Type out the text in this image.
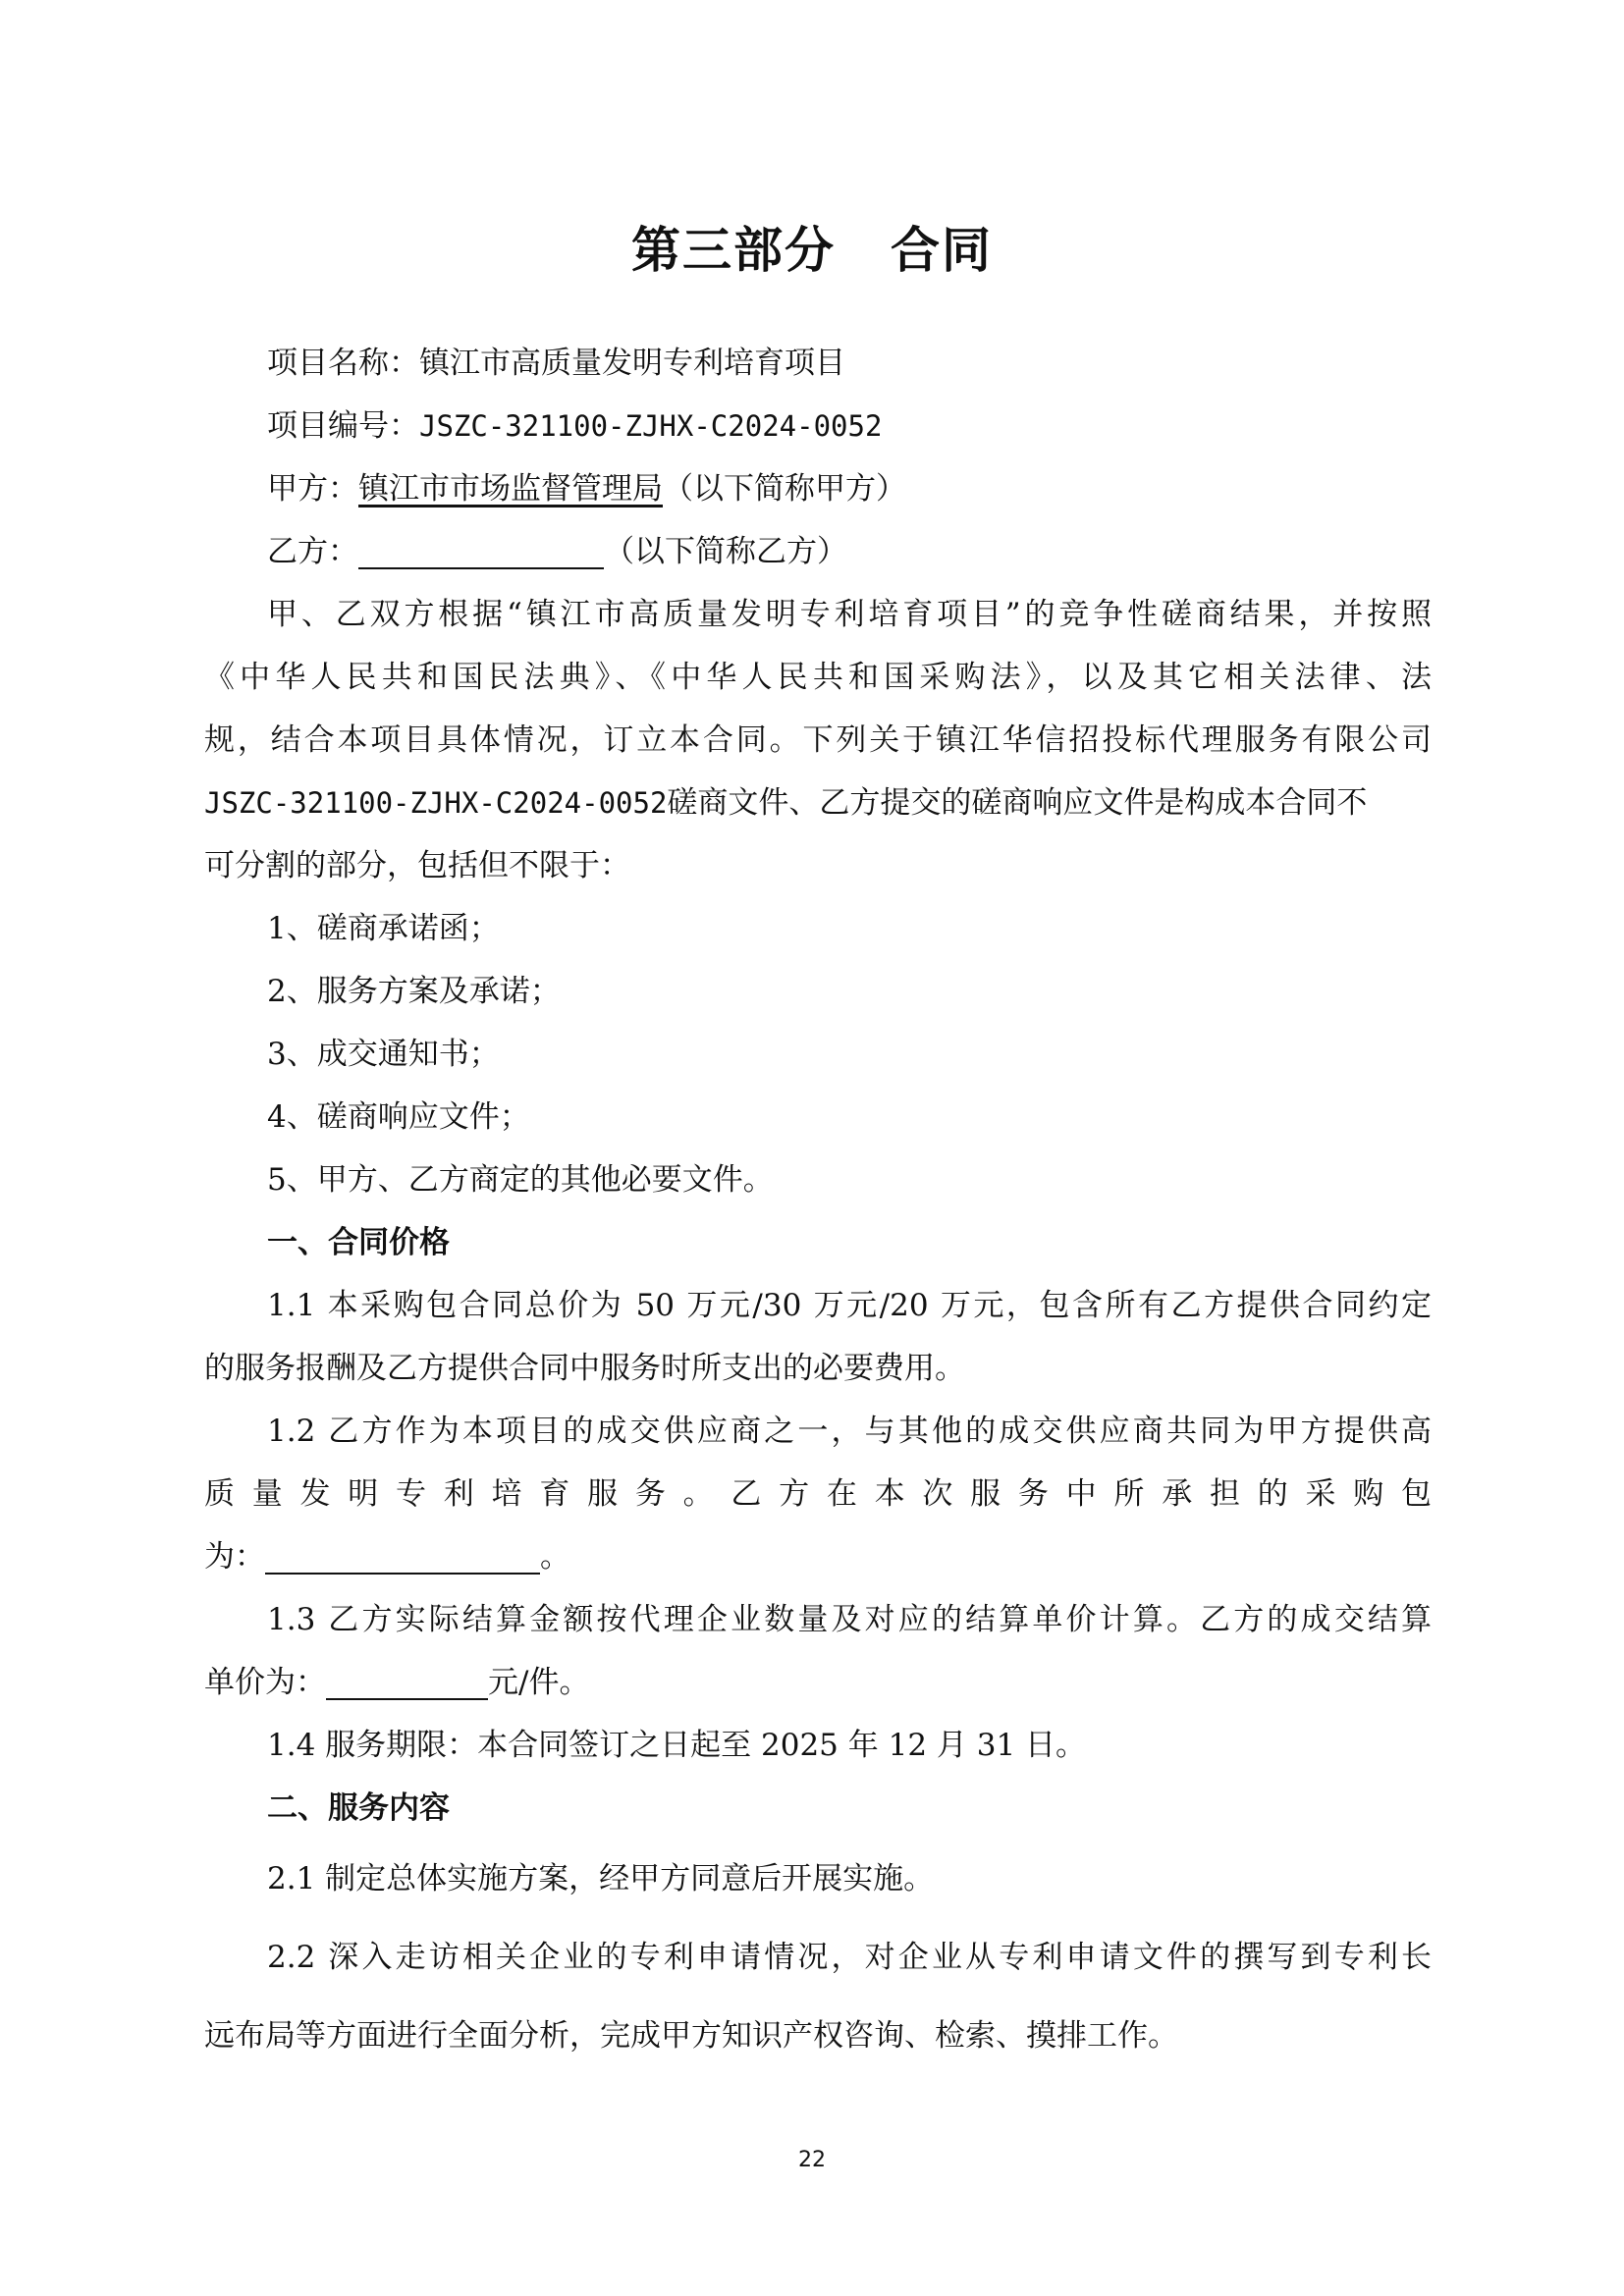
第三部分 合同
项目名称：镇江市高质量发明专利培育项目
项目编号：JSZC-321100-ZJHX-C2024-0052
甲方：镇江市市场监督管理局（以下简称甲方）
乙方：	（以下简称乙方）
甲、乙双方根据“镇江市高质量发明专利培育项目”的竞争性磋商结果，并按照
《中华人民共和国民法典》、《中华人民共和国采购法》，以及其它相关法律、法
规，结合本项目具体情况，订立本合同。下列关于镇江华信招投标代理服务有限公司
JSZC-321100-ZJHX-C2024-0052磋商文件、乙方提交的磋商响应文件是构成本合同不
可分割的部分，包括但不限于：
1、磋商承诺函；
2、服务方案及承诺；
3、成交通知书；
4、磋商响应文件；
5、甲方、乙方商定的其他必要文件。
一、合同价格
1.1 本采购包合同总价为 50 万元/30 万元/20 万元，包含所有乙方提供合同约定
的服务报酬及乙方提供合同中服务时所支出的必要费用。
1.2 乙方作为本项目的成交供应商之一，与其他的成交供应商共同为甲方提供高
质 量 发 明 专 利 培 育 服 务 。 乙 方 在 本 次 服 务 中 所 承 担 的 采 购 包
为：	。
1.3 乙方实际结算金额按代理企业数量及对应的结算单价计算。乙方的成交结算
单价为：	元/件。
1.4 服务期限：本合同签订之日起至 2025 年 12 月 31 日。
二、服务内容
2.1 制定总体实施方案，经甲方同意后开展实施。
2.2 深入走访相关企业的专利申请情况，对企业从专利申请文件的撰写到专利长
远布局等方面进行全面分析，完成甲方知识产权咨询、检索、摸排工作。
22
